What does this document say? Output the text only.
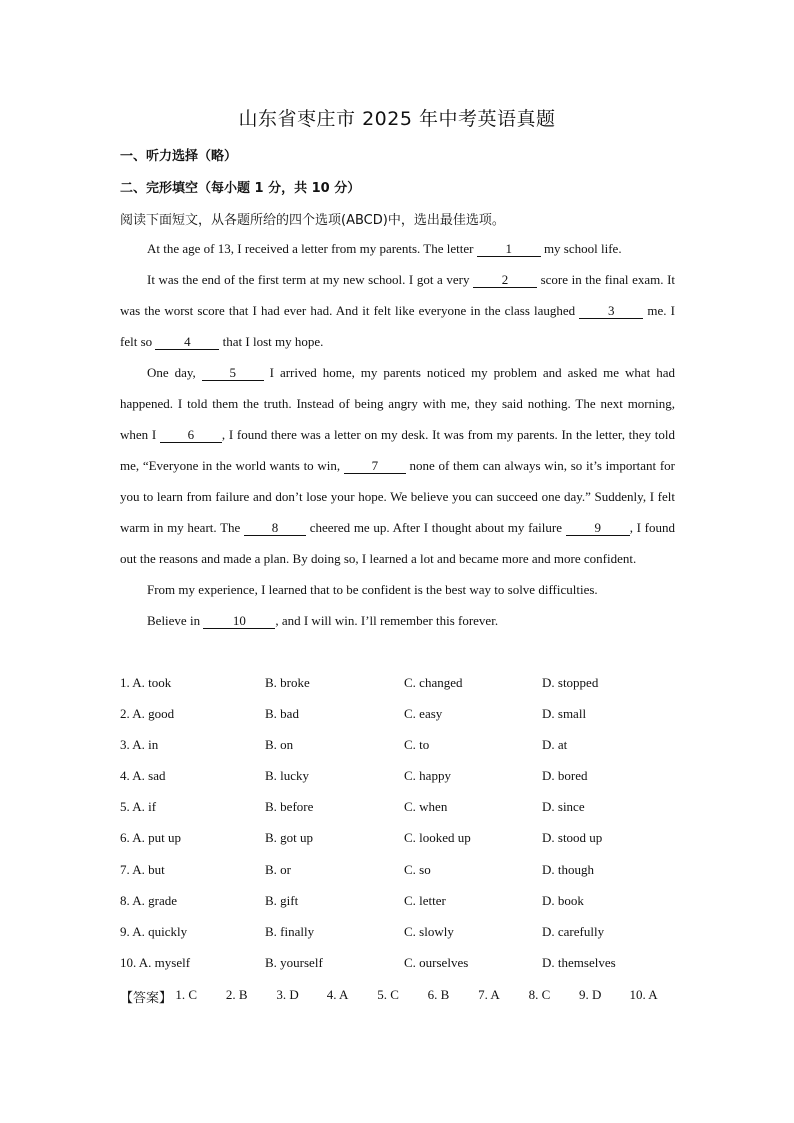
山东省枣庄市 2025 年中考英语真题
一、听力选择（略）
二、完形填空（每小题 1 分，共 10 分）
阅读下面短文，从各题所给的四个选项(ABCD)中，选出最佳选项。

At the age of 13, I received a letter from my parents. The letter 1 my school life.

It was the end of the first term at my new school. I got a very 2 score in the final exam. It was the worst score that I had ever had. And it felt like everyone in the class laughed 3 me. I felt so 4 that I lost my hope.

One day, 5 I arrived home, my parents noticed my problem and asked me what had happened. I told them the truth. Instead of being angry with me, they said nothing. The next morning, when I 6 , I found there was a letter on my desk. It was from my parents. In the letter, they told me, “Everyone in the world wants to win, 7 none of them can always win, so it’s important for you to learn from failure and don’t lose your hope. We believe you can succeed one day.” Suddenly, I felt warm in my heart. The 8 cheered me up. After I thought about my failure 9 , I found out the reasons and made a plan. By doing so, I learned a lot and became more and more confident.

From my experience, I learned that to be confident is the best way to solve difficulties.

Believe in 10 , and I will win. I’ll remember this forever.

1. A. took	B. broke	C. changed	D. stopped
2. A. good	B. bad	C. easy	D. small
3. A. in	B. on	C. to	D. at
4. A. sad	B. lucky	C. happy	D. bored
5. A. if	B. before	C. when	D. since
6. A. put up	B. got up	C. looked up	D. stood up
7. A. but	B. or	C. so	D. though
8. A. grade	B. gift	C. letter	D. book
9. A. quickly	B. finally	C. slowly	D. carefully
10. A. myself	B. yourself	C. ourselves	D. themselves
【答案】 1. C	2. B	3. D	4. A	5. C	6. B	7. A	8. C	9. D	10. A
